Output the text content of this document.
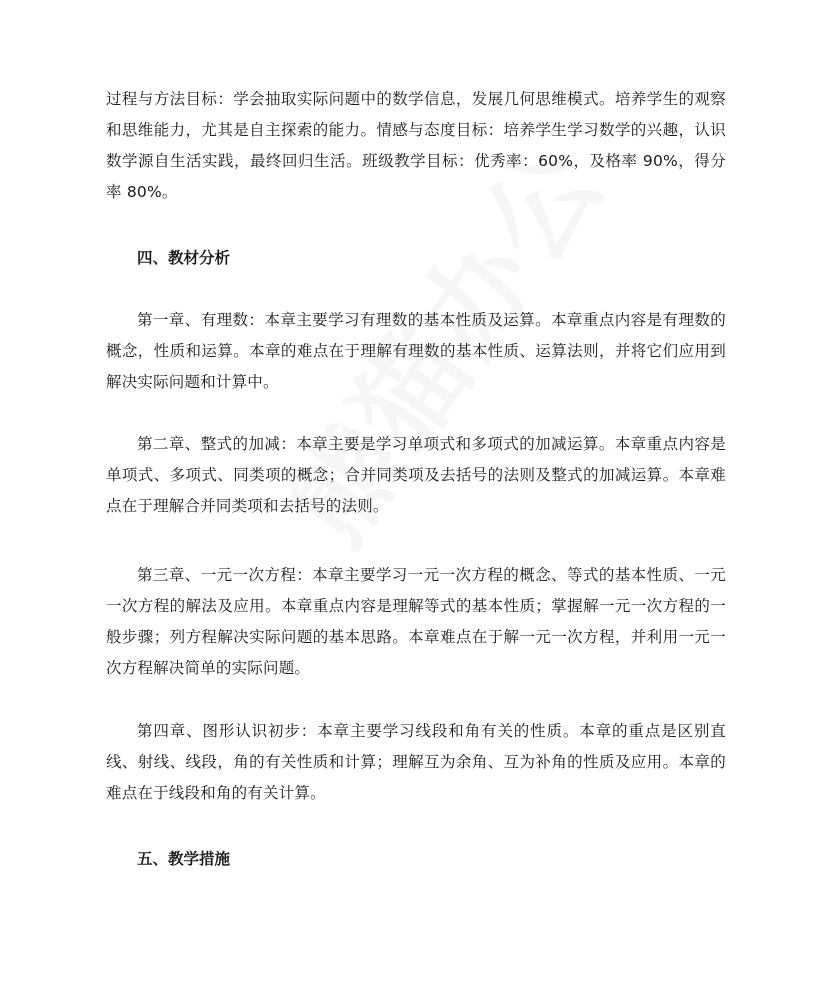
过程与方法目标：学会抽取实际问题中的数学信息，发展几何思维模式。培养学生的观察和思维能力，尤其是自主探索的能力。情感与态度目标：培养学生学习数学的兴趣，认识数学源自生活实践，最终回归生活。班级教学目标：优秀率：60%，及格率 90%，得分率 80%。

四、教材分析

第一章、有理数：本章主要学习有理数的基本性质及运算。本章重点内容是有理数的概念，性质和运算。本章的难点在于理解有理数的基本性质、运算法则，并将它们应用到解决实际问题和计算中。

第二章、整式的加减：本章主要是学习单项式和多项式的加减运算。本章重点内容是单项式、多项式、同类项的概念；合并同类项及去括号的法则及整式的加减运算。本章难点在于理解合并同类项和去括号的法则。

第三章、一元一次方程：本章主要学习一元一次方程的概念、等式的基本性质、一元一次方程的解法及应用。本章重点内容是理解等式的基本性质；掌握解一元一次方程的一般步骤；列方程解决实际问题的基本思路。本章难点在于解一元一次方程，并利用一元一次方程解决简单的实际问题。

第四章、图形认识初步：本章主要学习线段和角有关的性质。本章的重点是区别直线、射线、线段，角的有关性质和计算；理解互为余角、互为补角的性质及应用。本章的难点在于线段和角的有关计算。

五、教学措施
